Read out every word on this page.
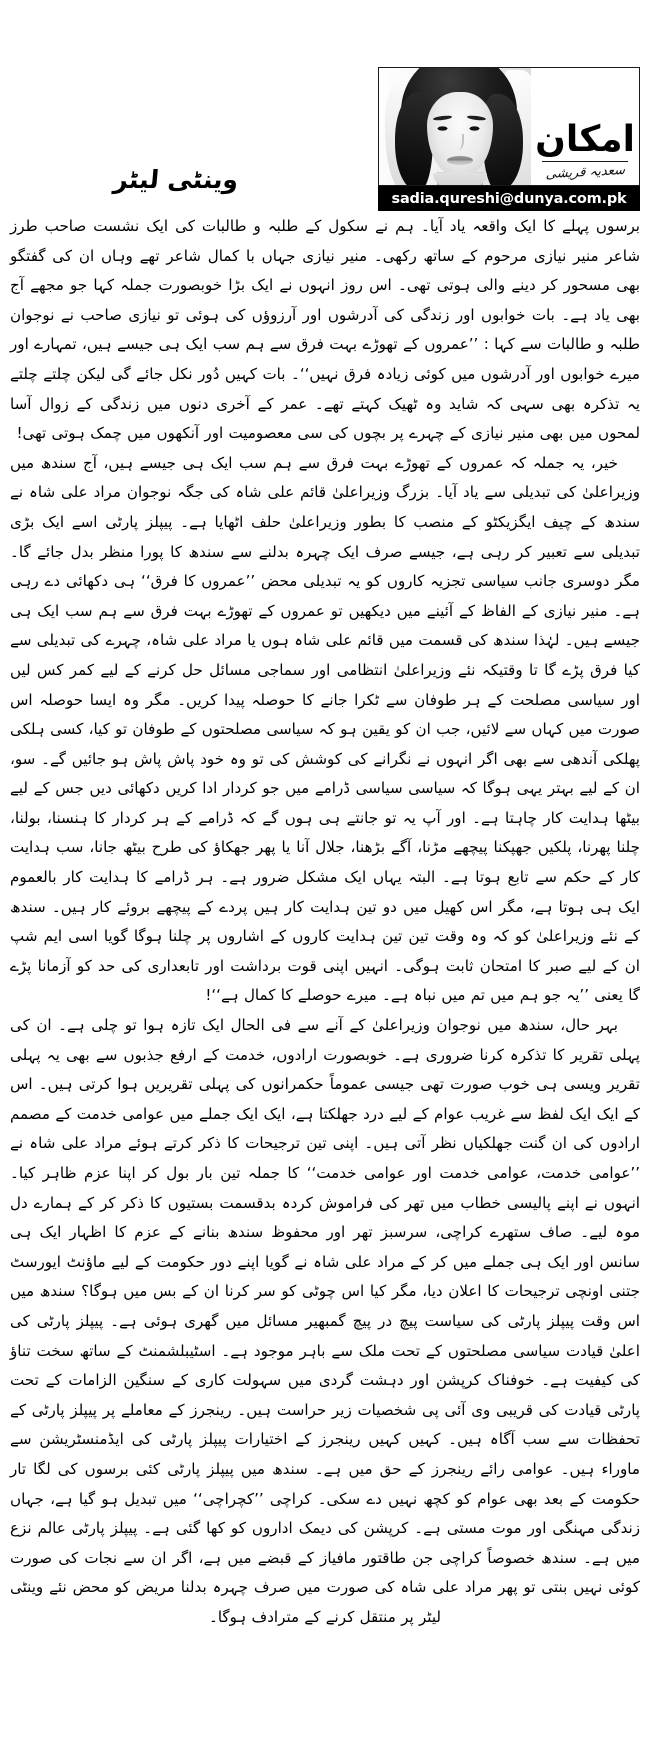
امکان
سعدیہ قریشی
sadia.qureshi@dunya.com.pk
وینٹی لیٹر

برسوں پہلے کا ایک واقعہ یاد آیا۔ ہم نے سکول کے طلبہ و طالبات کی ایک نشست صاحب طرز شاعر منیر نیازی مرحوم کے ساتھ رکھی۔ منیر نیازی جہاں با کمال شاعر تھے وہاں ان کی گفتگو بھی مسحور کر دینے والی ہوتی تھی۔ اس روز انہوں نے ایک بڑا خوبصورت جملہ کہا جو مجھے آج بھی یاد ہے۔ بات خوابوں اور زندگی کی آدرشوں اور آرزوؤں کی ہوئی تو نیازی صاحب نے نوجوان طلبہ و طالبات سے کہا : ’’عمروں کے تھوڑے بہت فرق سے ہم سب ایک ہی جیسے ہیں، تمہارے اور میرے خوابوں اور آدرشوں میں کوئی زیادہ فرق نہیں‘‘۔ بات کہیں دُور نکل جائے گی لیکن چلتے چلتے یہ تذکرہ بھی سہی کہ شاید وہ ٹھیک کہتے تھے۔ عمر کے آخری دنوں میں زندگی کے زوال آسا لمحوں میں بھی منیر نیازی کے چہرے پر بچوں کی سی معصومیت اور آنکھوں میں چمک ہوتی تھی!

خیر، یہ جملہ کہ عمروں کے تھوڑے بہت فرق سے ہم سب ایک ہی جیسے ہیں، آج سندھ میں وزیراعلیٰ کی تبدیلی سے یاد آیا۔ بزرگ وزیراعلیٰ قائم علی شاہ کی جگہ نوجوان مراد علی شاہ نے سندھ کے چیف ایگزیکٹو کے منصب کا بطور وزیراعلیٰ حلف اٹھایا ہے۔ پیپلز پارٹی اسے ایک بڑی تبدیلی سے تعبیر کر رہی ہے، جیسے صرف ایک چہرہ بدلنے سے سندھ کا پورا منظر بدل جائے گا۔ مگر دوسری جانب سیاسی تجزیہ کاروں کو یہ تبدیلی محض ’’عمروں کا فرق‘‘ ہی دکھائی دے رہی ہے۔ منیر نیازی کے الفاظ کے آئینے میں دیکھیں تو عمروں کے تھوڑے بہت فرق سے ہم سب ایک ہی جیسے ہیں۔ لہٰذا سندھ کی قسمت میں قائم علی شاہ ہوں یا مراد علی شاہ، چہرے کی تبدیلی سے کیا فرق پڑے گا تا وقتیکہ نئے وزیراعلیٰ انتظامی اور سماجی مسائل حل کرنے کے لیے کمر کس لیں اور سیاسی مصلحت کے ہر طوفان سے ٹکرا جانے کا حوصلہ پیدا کریں۔ مگر وہ ایسا حوصلہ اس صورت میں کہاں سے لائیں، جب ان کو یقین ہو کہ سیاسی مصلحتوں کے طوفان تو کیا، کسی ہلکی پھلکی آندھی سے بھی اگر انہوں نے نگرانے کی کوشش کی تو وہ خود پاش پاش ہو جائیں گے۔ سو، ان کے لیے بہتر یہی ہوگا کہ سیاسی سیاسی ڈرامے میں جو کردار ادا کریں دکھائی دیں جس کے لیے بیٹھا ہدایت کار چاہتا ہے۔ اور آپ یہ تو جانتے ہی ہوں گے کہ ڈرامے کے ہر کردار کا ہنسنا، بولنا، چلنا پھرنا، پلکیں جھپکنا پیچھے مڑنا، آگے بڑھنا، جلال آنا یا پھر جھکاؤ کی طرح بیٹھ جانا، سب ہدایت کار کے حکم سے تابع ہوتا ہے۔ البتہ یہاں ایک مشکل ضرور ہے۔ ہر ڈرامے کا ہدایت کار بالعموم ایک ہی ہوتا ہے، مگر اس کھیل میں دو تین ہدایت کار ہیں پردے کے پیچھے بروئے کار ہیں۔ سندھ کے نئے وزیراعلیٰ کو کہ وہ وقت تین تین ہدایت کاروں کے اشاروں پر چلنا ہوگا گویا اسی ایم شپ ان کے لیے صبر کا امتحان ثابت ہوگی۔ انہیں اپنی قوت برداشت اور تابعداری کی حد کو آزمانا پڑے گا یعنی ’’یہ جو ہم میں تم میں نباہ ہے۔ میرے حوصلے کا کمال ہے‘‘!

بہر حال، سندھ میں نوجوان وزیراعلیٰ کے آنے سے فی الحال ایک تازہ ہوا تو چلی ہے۔ ان کی پہلی تقریر کا تذکرہ کرنا ضروری ہے۔ خوبصورت ارادوں، خدمت کے ارفع جذبوں سے بھی یہ پہلی تقریر ویسی ہی خوب صورت تھی جیسی عموماً حکمرانوں کی پہلی تقریریں ہوا کرتی ہیں۔ اس کے ایک ایک لفظ سے غریب عوام کے لیے درد جھلکتا ہے، ایک ایک جملے میں عوامی خدمت کے مصمم ارادوں کی ان گنت جھلکیاں نظر آتی ہیں۔ اپنی تین ترجیحات کا ذکر کرتے ہوئے مراد علی شاہ نے ’’عوامی خدمت، عوامی خدمت اور عوامی خدمت‘‘ کا جملہ تین بار بول کر اپنا عزم ظاہر کیا۔ انہوں نے اپنے پالیسی خطاب میں تھر کی فراموش کردہ بدقسمت بستیوں کا ذکر کر کے ہمارے دل موہ لیے۔ صاف ستھرے کراچی، سرسبز تھر اور محفوظ سندھ بنانے کے عزم کا اظہار ایک ہی سانس اور ایک ہی جملے میں کر کے مراد علی شاہ نے گویا اپنے دور حکومت کے لیے ماؤنٹ ایورسٹ جتنی اونچی ترجیحات کا اعلان دیا، مگر کیا اس چوٹی کو سر کرنا ان کے بس میں ہوگا؟ سندھ میں اس وقت پیپلز پارٹی کی سیاست پیچ در پیچ گمبھیر مسائل میں گھری ہوئی ہے۔ پیپلز پارٹی کی اعلیٰ قیادت سیاسی مصلحتوں کے تحت ملک سے باہر موجود ہے۔ اسٹیبلشمنٹ کے ساتھ سخت تناؤ کی کیفیت ہے۔ خوفناک کرپشن اور دہشت گردی میں سہولت کاری کے سنگین الزامات کے تحت پارٹی قیادت کی قریبی وی آئی پی شخصیات زیر حراست ہیں۔ رینجرز کے معاملے پر پیپلز پارٹی کے تحفظات سے سب آگاہ ہیں۔ کہیں کہیں رینجرز کے اختیارات پیپلز پارٹی کی ایڈمنسٹریشن سے ماوراء ہیں۔ عوامی رائے رینجرز کے حق میں ہے۔ سندھ میں پیپلز پارٹی کئی برسوں کی لگا تار حکومت کے بعد بھی عوام کو کچھ نہیں دے سکی۔ کراچی ’’کچراچی‘‘ میں تبدیل ہو گیا ہے، جہاں زندگی مہنگی اور موت مستی ہے۔ کرپشن کی دیمک اداروں کو کھا گئی ہے۔ پیپلز پارٹی عالم نزع میں ہے۔ سندھ خصوصاً کراچی جن طاقتور مافیاز کے قبضے میں ہے، اگر ان سے نجات کی صورت کوئی نہیں بنتی تو پھر مراد علی شاہ کی صورت میں صرف چہرہ بدلنا مریض کو محض نئے وینٹی لیٹر پر منتقل کرنے کے مترادف ہوگا۔
